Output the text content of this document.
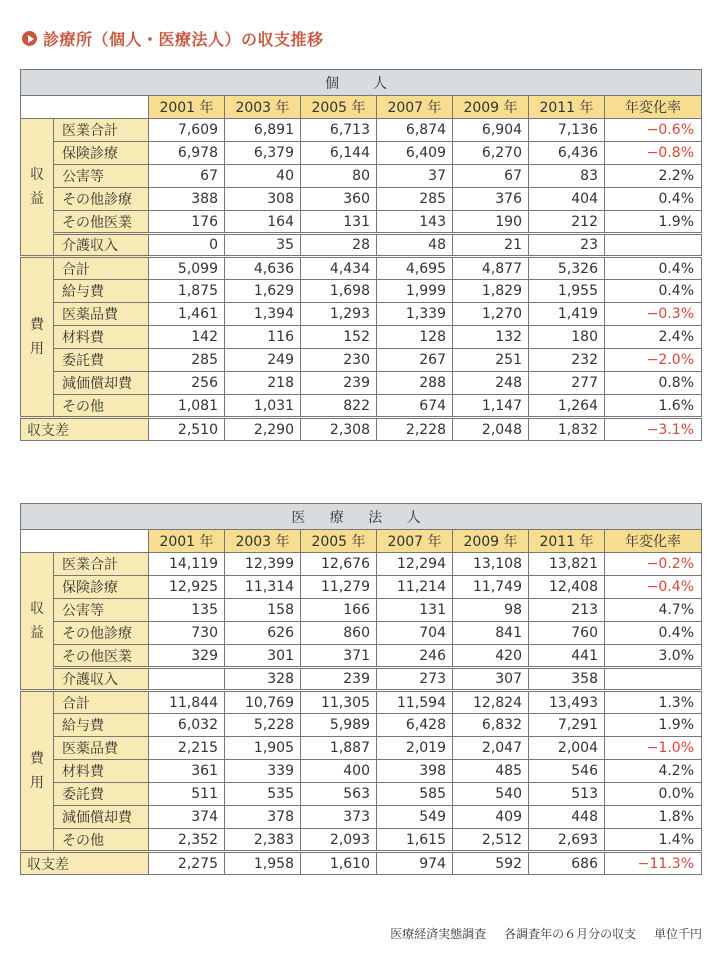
診療所（個人・医療法人）の収支推移
個　人								
		2001 年	2003 年	2005 年	2007 年	2009 年	2011 年	年変化率
収
益	医業合計	7,609	6,891	6,713	6,874	6,904	7,136	−0.6%
	保険診療	6,978	6,379	6,144	6,409	6,270	6,436	−0.8%
	公害等	67	40	80	37	67	83	2.2%
	その他診療	388	308	360	285	376	404	0.4%
	その他医業	176	164	131	143	190	212	1.9%
	介護収入	0	35	28	48	21	23	
費
用	合計	5,099	4,636	4,434	4,695	4,877	5,326	0.4%
	給与費	1,875	1,629	1,698	1,999	1,829	1,955	0.4%
	医薬品費	1,461	1,394	1,293	1,339	1,270	1,419	−0.3%
	材料費	142	116	152	128	132	180	2.4%
	委託費	285	249	230	267	251	232	−2.0%
	減価償却費	256	218	239	288	248	277	0.8%
	その他	1,081	1,031	822	674	1,147	1,264	1.6%
収支差		2,510	2,290	2,308	2,228	2,048	1,832	−3.1%
医 療 法 人								
		2001 年	2003 年	2005 年	2007 年	2009 年	2011 年	年変化率
収
益	医業合計	14,119	12,399	12,676	12,294	13,108	13,821	−0.2%
	保険診療	12,925	11,314	11,279	11,214	11,749	12,408	−0.4%
	公害等	135	158	166	131	98	213	4.7%
	その他診療	730	626	860	704	841	760	0.4%
	その他医業	329	301	371	246	420	441	3.0%
	介護収入		328	239	273	307	358	
費
用	合計	11,844	10,769	11,305	11,594	12,824	13,493	1.3%
	給与費	6,032	5,228	5,989	6,428	6,832	7,291	1.9%
	医薬品費	2,215	1,905	1,887	2,019	2,047	2,004	−1.0%
	材料費	361	339	400	398	485	546	4.2%
	委託費	511	535	563	585	540	513	0.0%
	減価償却費	374	378	373	549	409	448	1.8%
	その他	2,352	2,383	2,093	1,615	2,512	2,693	1.4%
収支差		2,275	1,958	1,610	974	592	686	−11.3%
医療経済実態調査 各調査年の６月分の収支 単位千円
